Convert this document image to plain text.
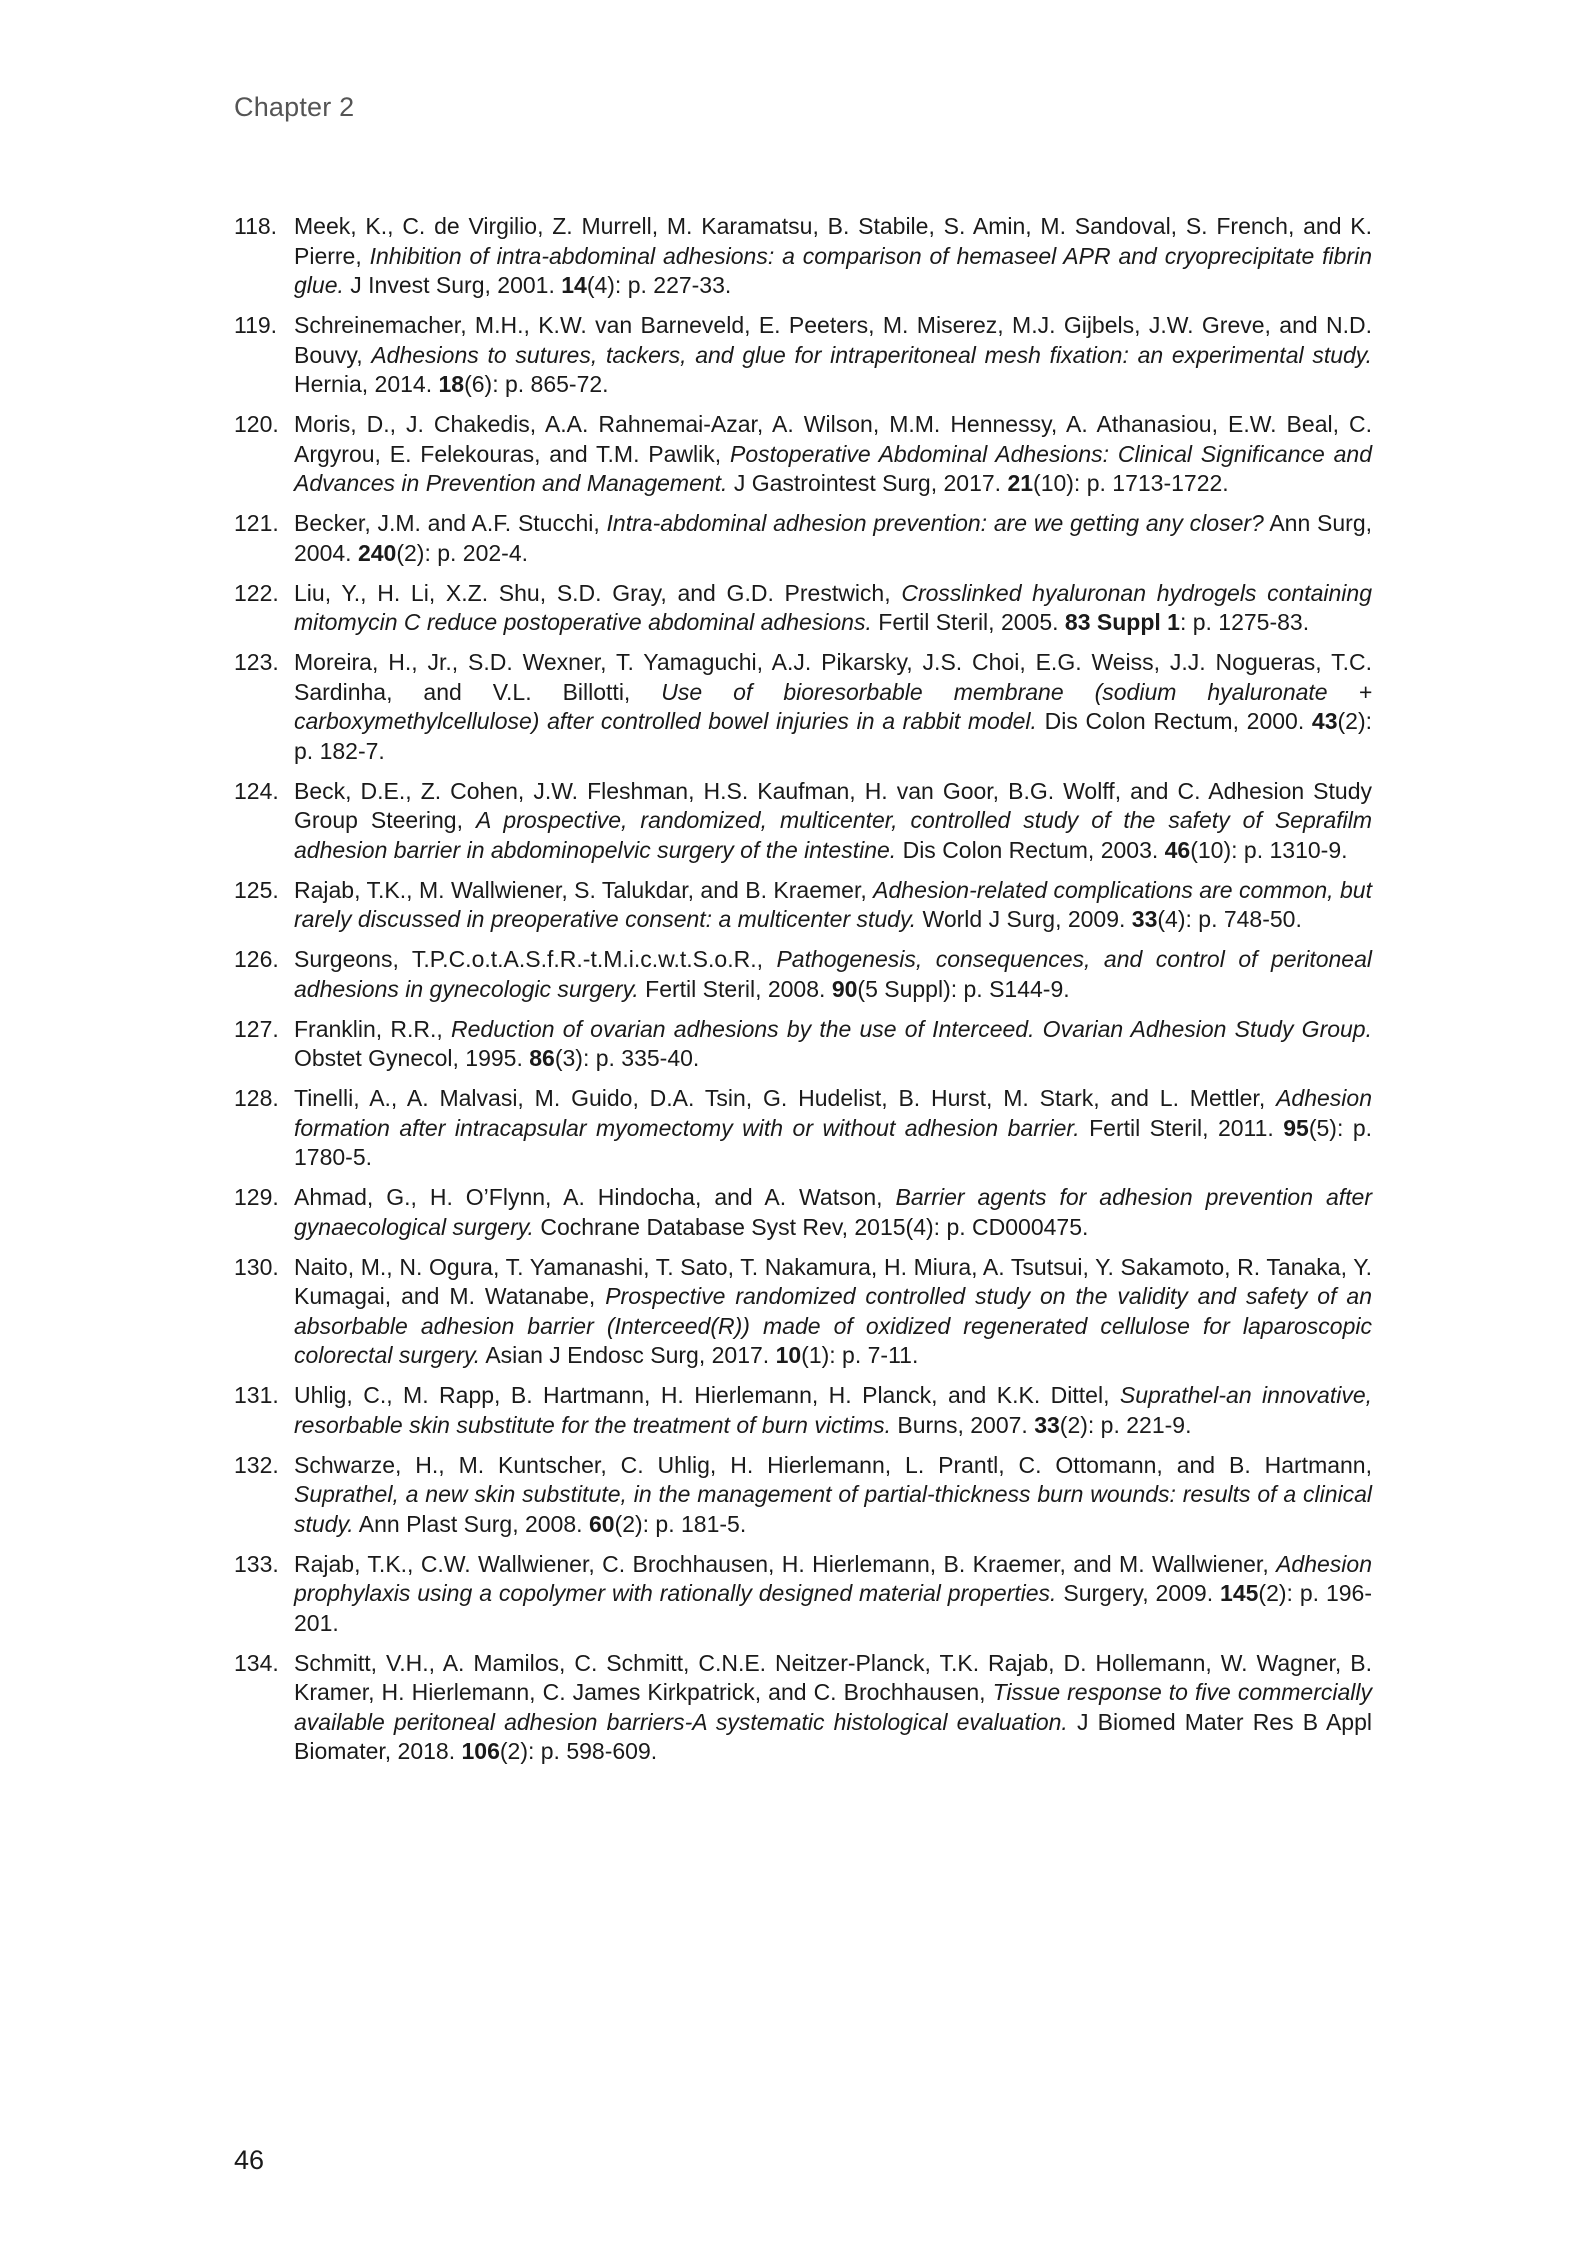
Chapter 2
118. Meek, K., C. de Virgilio, Z. Murrell, M. Karamatsu, B. Stabile, S. Amin, M. Sandoval, S. French, and K. Pierre, Inhibition of intra-abdominal adhesions: a comparison of hemaseel APR and cryoprecipitate fibrin glue. J Invest Surg, 2001. 14(4): p. 227-33.
119. Schreinemacher, M.H., K.W. van Barneveld, E. Peeters, M. Miserez, M.J. Gijbels, J.W. Greve, and N.D. Bouvy, Adhesions to sutures, tackers, and glue for intraperitoneal mesh fixation: an experimental study. Hernia, 2014. 18(6): p. 865-72.
120. Moris, D., J. Chakedis, A.A. Rahnemai-Azar, A. Wilson, M.M. Hennessy, A. Athanasiou, E.W. Beal, C. Argyrou, E. Felekouras, and T.M. Pawlik, Postoperative Abdominal Adhesions: Clinical Significance and Advances in Prevention and Management. J Gastrointest Surg, 2017. 21(10): p. 1713-1722.
121. Becker, J.M. and A.F. Stucchi, Intra-abdominal adhesion prevention: are we getting any closer? Ann Surg, 2004. 240(2): p. 202-4.
122. Liu, Y., H. Li, X.Z. Shu, S.D. Gray, and G.D. Prestwich, Crosslinked hyaluronan hydrogels containing mitomycin C reduce postoperative abdominal adhesions. Fertil Steril, 2005. 83 Suppl 1: p. 1275-83.
123. Moreira, H., Jr., S.D. Wexner, T. Yamaguchi, A.J. Pikarsky, J.S. Choi, E.G. Weiss, J.J. Nogueras, T.C. Sardinha, and V.L. Billotti, Use of bioresorbable membrane (sodium hyaluronate + carboxymethylcellulose) after controlled bowel injuries in a rabbit model. Dis Colon Rectum, 2000. 43(2): p. 182-7.
124. Beck, D.E., Z. Cohen, J.W. Fleshman, H.S. Kaufman, H. van Goor, B.G. Wolff, and C. Adhesion Study Group Steering, A prospective, randomized, multicenter, controlled study of the safety of Seprafilm adhesion barrier in abdominopelvic surgery of the intestine. Dis Colon Rectum, 2003. 46(10): p. 1310-9.
125. Rajab, T.K., M. Wallwiener, S. Talukdar, and B. Kraemer, Adhesion-related complications are common, but rarely discussed in preoperative consent: a multicenter study. World J Surg, 2009. 33(4): p. 748-50.
126. Surgeons, T.P.C.o.t.A.S.f.R.-t.M.i.c.w.t.S.o.R., Pathogenesis, consequences, and control of peritoneal adhesions in gynecologic surgery. Fertil Steril, 2008. 90(5 Suppl): p. S144-9.
127. Franklin, R.R., Reduction of ovarian adhesions by the use of Interceed. Ovarian Adhesion Study Group. Obstet Gynecol, 1995. 86(3): p. 335-40.
128. Tinelli, A., A. Malvasi, M. Guido, D.A. Tsin, G. Hudelist, B. Hurst, M. Stark, and L. Mettler, Adhesion formation after intracapsular myomectomy with or without adhesion barrier. Fertil Steril, 2011. 95(5): p. 1780-5.
129. Ahmad, G., H. O’Flynn, A. Hindocha, and A. Watson, Barrier agents for adhesion prevention after gynaecological surgery. Cochrane Database Syst Rev, 2015(4): p. CD000475.
130. Naito, M., N. Ogura, T. Yamanashi, T. Sato, T. Nakamura, H. Miura, A. Tsutsui, Y. Sakamoto, R. Tanaka, Y. Kumagai, and M. Watanabe, Prospective randomized controlled study on the validity and safety of an absorbable adhesion barrier (Interceed(R)) made of oxidized regenerated cellulose for laparoscopic colorectal surgery. Asian J Endosc Surg, 2017. 10(1): p. 7-11.
131. Uhlig, C., M. Rapp, B. Hartmann, H. Hierlemann, H. Planck, and K.K. Dittel, Suprathel-an innovative, resorbable skin substitute for the treatment of burn victims. Burns, 2007. 33(2): p. 221-9.
132. Schwarze, H., M. Kuntscher, C. Uhlig, H. Hierlemann, L. Prantl, C. Ottomann, and B. Hartmann, Suprathel, a new skin substitute, in the management of partial-thickness burn wounds: results of a clinical study. Ann Plast Surg, 2008. 60(2): p. 181-5.
133. Rajab, T.K., C.W. Wallwiener, C. Brochhausen, H. Hierlemann, B. Kraemer, and M. Wallwiener, Adhesion prophylaxis using a copolymer with rationally designed material properties. Surgery, 2009. 145(2): p. 196-201.
134. Schmitt, V.H., A. Mamilos, C. Schmitt, C.N.E. Neitzer-Planck, T.K. Rajab, D. Hollemann, W. Wagner, B. Kramer, H. Hierlemann, C. James Kirkpatrick, and C. Brochhausen, Tissue response to five commercially available peritoneal adhesion barriers-A systematic histological evaluation. J Biomed Mater Res B Appl Biomater, 2018. 106(2): p. 598-609.
46
